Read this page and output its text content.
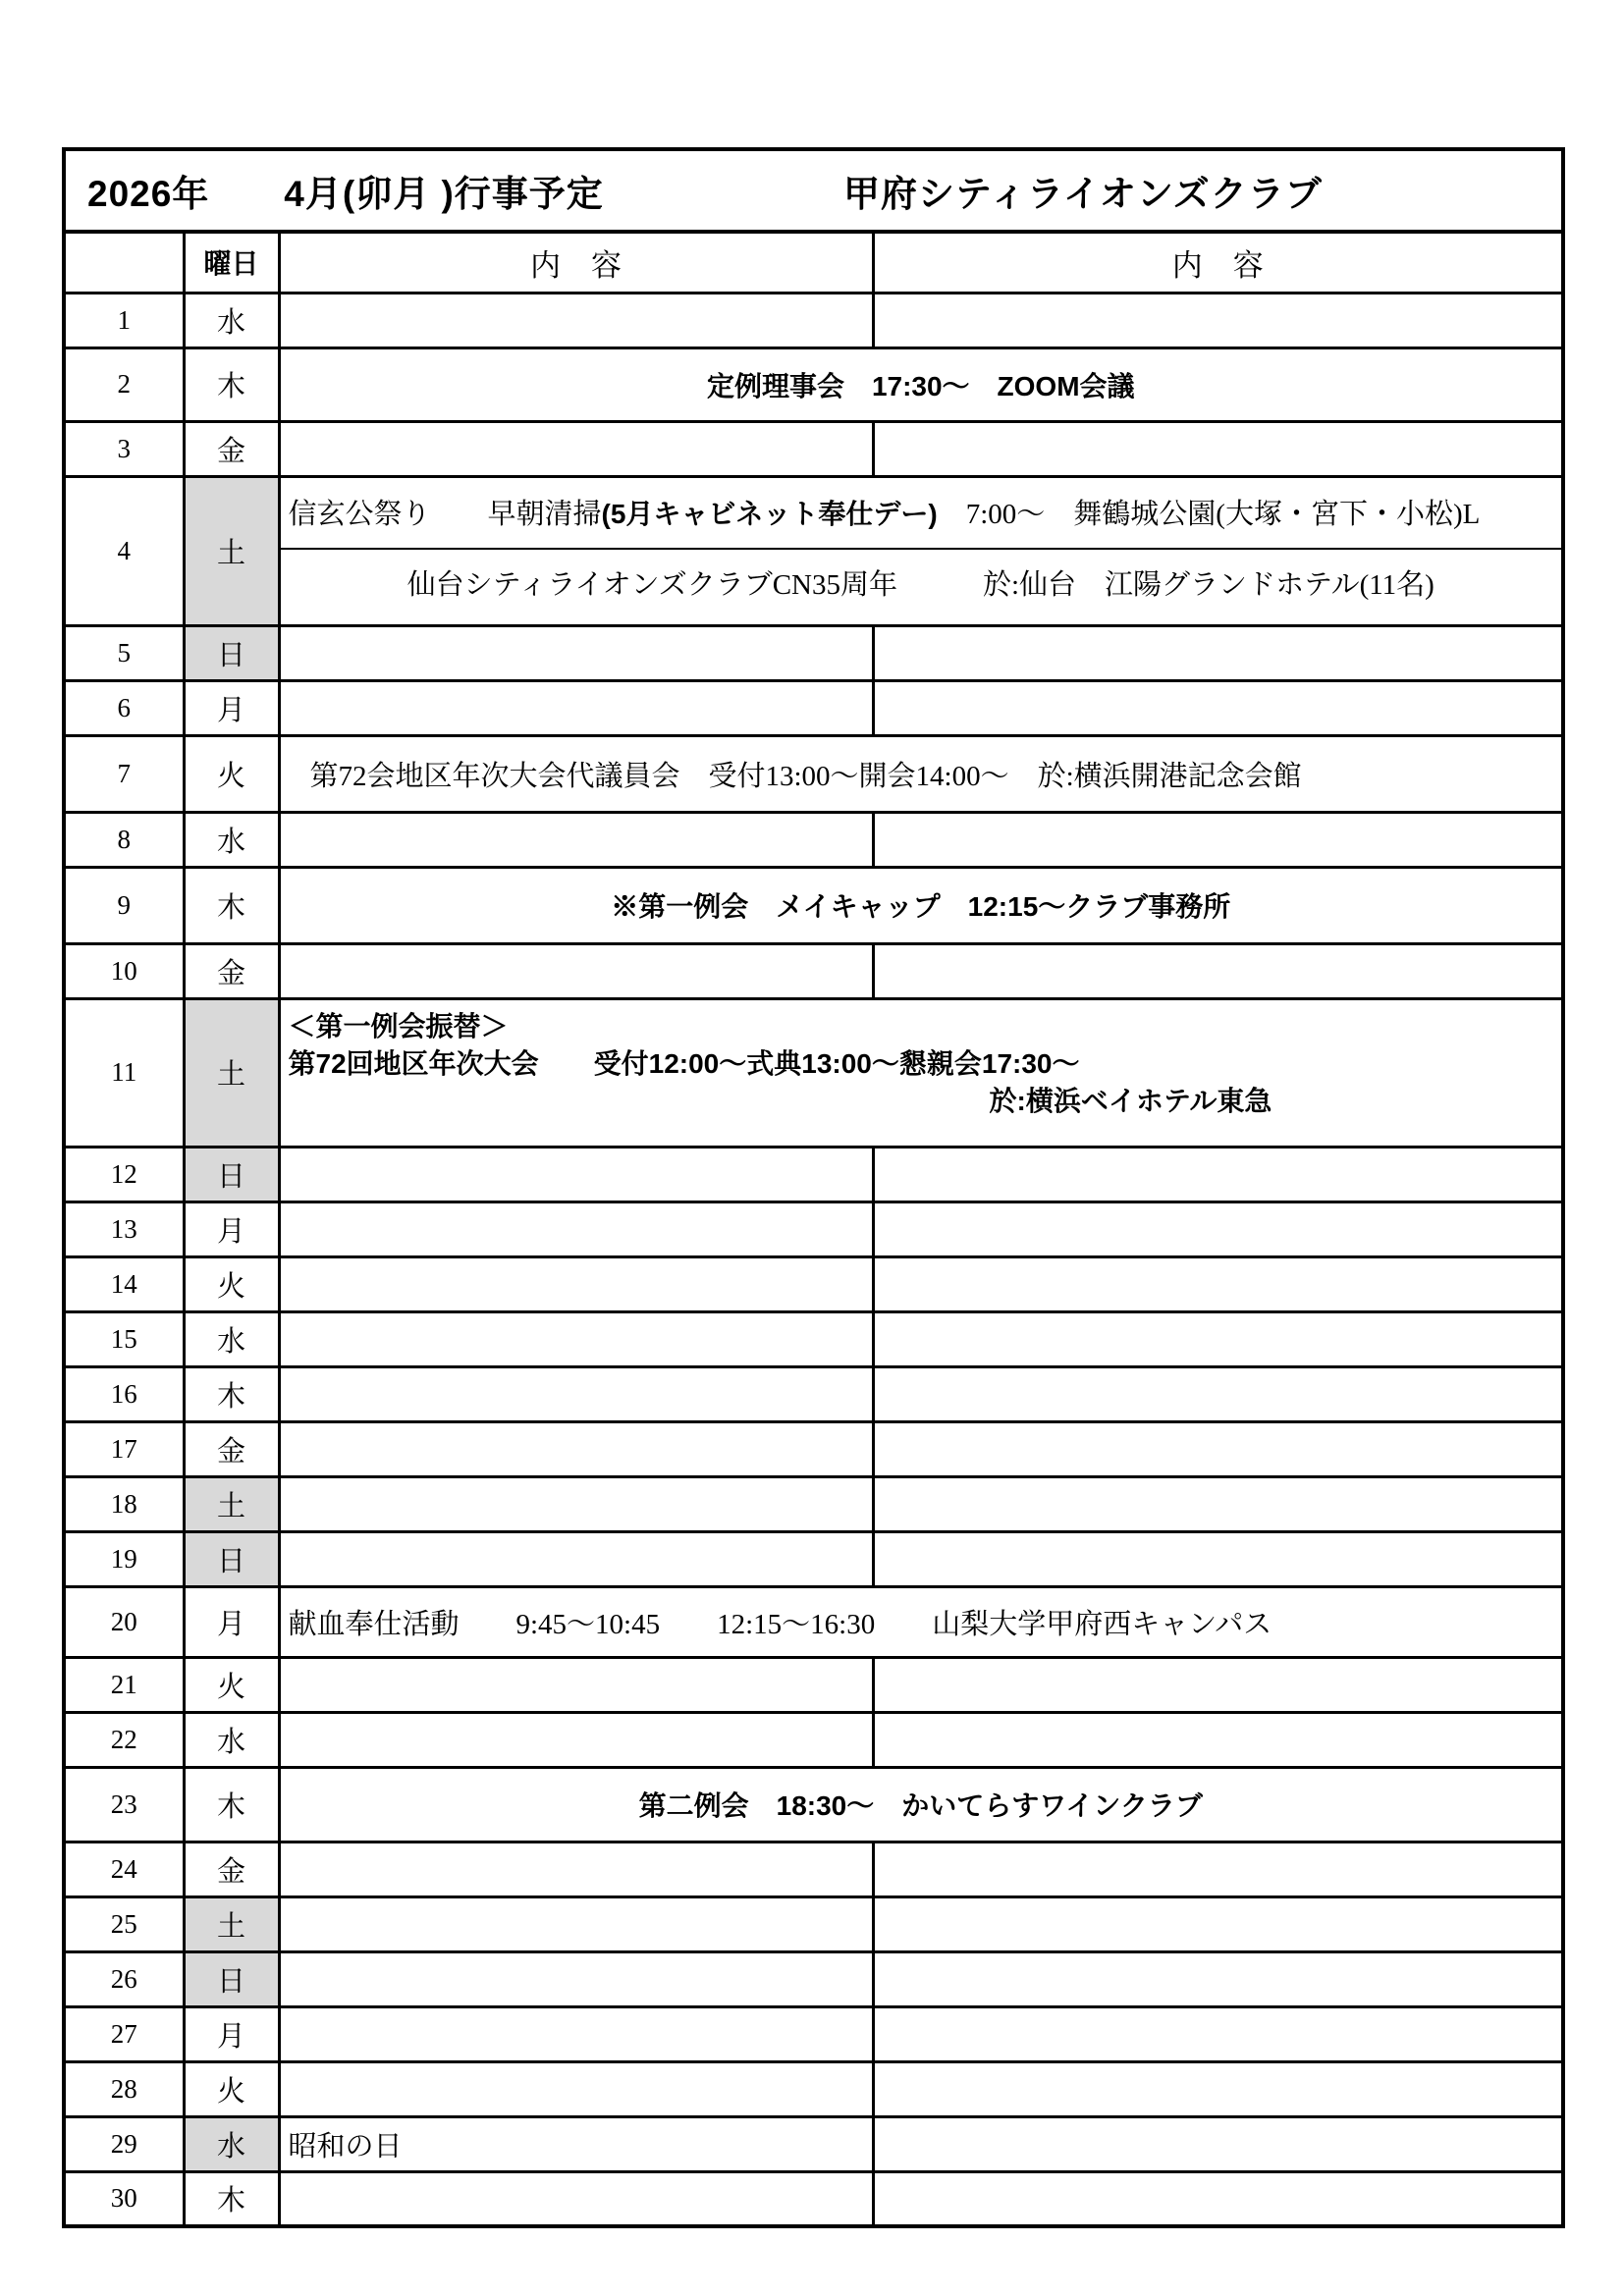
2026年　　4月(卯月 )行事予定 甲府シティライオンズクラブ			

	曜日	内　容	内　容
1	水		
2	木	定例理事会　17:30～　ZOOM会議	

3	金		
4	土	信玄公祭り　　早朝清掃(5月キャビネット奉仕デー)　7:00～　舞鶴城公園(大塚・宮下・小松)L
仙台シティライオンズクラブCN35周年　　　於:仙台　江陽グランドホテル(11名)	

5	日		
6	月		
7	火	第72会地区年次大会代議員会　受付13:00～開会14:00～　於:横浜開港記念会館	

8	水		
9	木	※第一例会　メイキャップ　12:15～クラブ事務所	

10	金		
11	土	＜第一例会振替＞
第72回地区年次大会　　受付12:00～式典13:00～懇親会17:30～
於:横浜ベイホテル東急	

12	日		
13	月		
14	火		
15	水		
16	木		
17	金		
18	土		
19	日		
20	月	献血奉仕活動　　9:45～10:45　　12:15～16:30　　山梨大学甲府西キャンパス	

21	火		
22	水		
23	木	第二例会　18:30～　かいてらすワインクラブ	

24	金		
25	土		
26	日		
27	月		
28	火		
29	水	昭和の日	
30	木		
